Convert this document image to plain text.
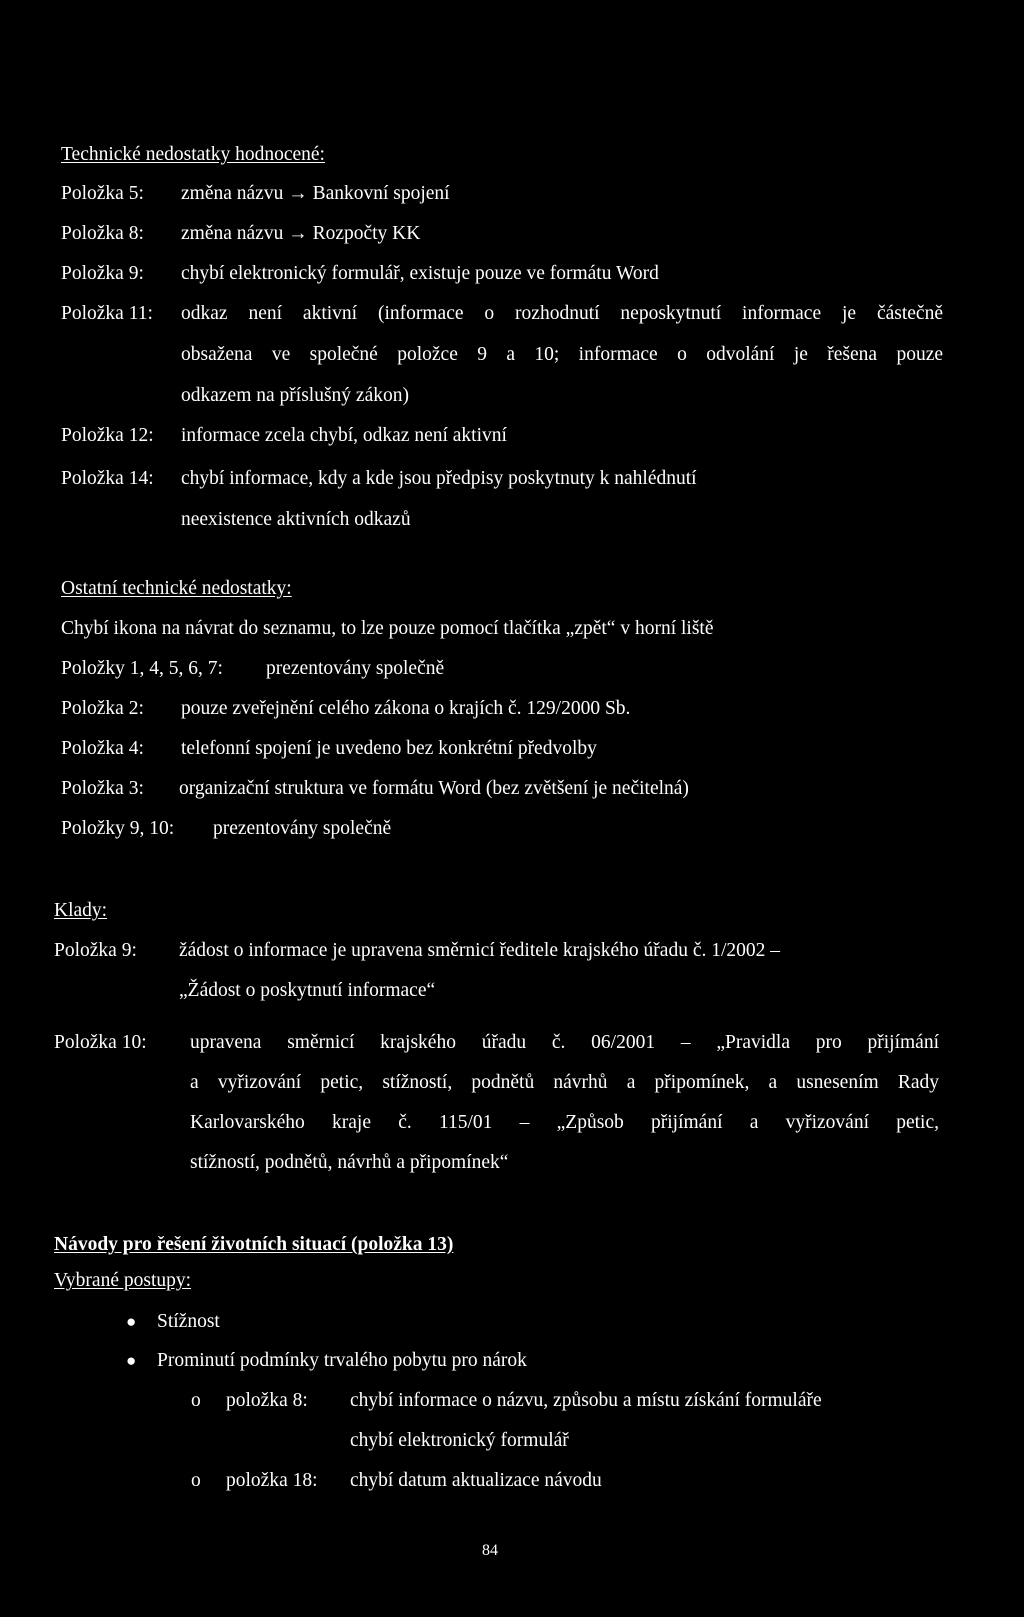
Technické nedostatky hodnocené:
Položka 5: změna názvu → Bankovní spojení
Položka 8: změna názvu → Rozpočty KK
Položka 9: chybí elektronický formulář, existuje pouze ve formátu Word
Položka 11: odkaz není aktivní (informace o rozhodnutí neposkytnutí informace je částečně
obsažena ve společné položce 9 a 10; informace o odvolání je řešena pouze
odkazem na příslušný zákon)
Položka 12: informace zcela chybí, odkaz není aktivní
Položka 14: chybí informace, kdy a kde jsou předpisy poskytnuty k nahlédnutí
neexistence aktivních odkazů
Ostatní technické nedostatky:
Chybí ikona na návrat do seznamu, to lze pouze pomocí tlačítka „zpět“ v horní liště
Položky 1, 4, 5, 6, 7: prezentovány společně
Položka 2: pouze zveřejnění celého zákona o krajích č. 129/2000 Sb.
Položka 4: telefonní spojení je uvedeno bez konkrétní předvolby
Položka 3: organizační struktura ve formátu Word (bez zvětšení je nečitelná)
Položky 9, 10: prezentovány společně
Klady:
Položka 9: žádost o informace je upravena směrnicí ředitele krajského úřadu č. 1/2002 –
„Žádost o poskytnutí informace“
Položka 10: upravena směrnicí krajského úřadu č. 06/2001 – „Pravidla pro přijímání
a vyřizování petic, stížností, podnětů návrhů a připomínek, a usnesením Rady
Karlovarského kraje č. 115/01 – „Způsob přijímání a vyřizování petic,
stížností, podnětů, návrhů a připomínek“
Návody pro řešení životních situací (položka 13)
Vybrané postupy:
● Stížnost
● Prominutí podmínky trvalého pobytu pro nárok
o položka 8: chybí informace o názvu, způsobu a místu získání formuláře
chybí elektronický formulář
o položka 18: chybí datum aktualizace návodu
84
